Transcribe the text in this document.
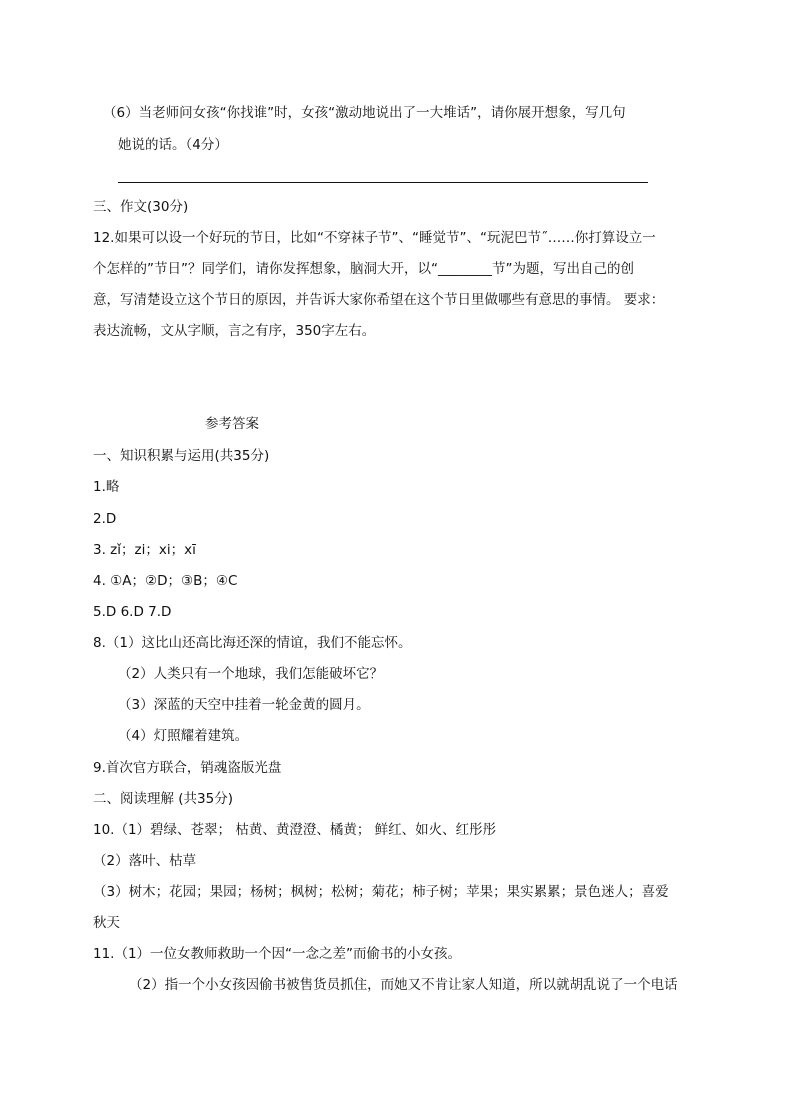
（6）当老师问女孩“你找谁”时，女孩“激动地说出了一大堆话”，请你展开想象，写几句
她说的话。（4分）
三、作文(30分)
12.如果可以设一个好玩的节日，比如“不穿袜子节”、“睡觉节”、“玩泥巴节˝……你打算设立一
个怎样的”节日”？同学们，请你发挥想象，脑洞大开，以“________节”为题，写出自己的创
意，写清楚设立这个节日的原因，并告诉大家你希望在这个节日里做哪些有意思的事情。 要求：
表达流畅，文从字顺，言之有序，350字左右。
参考答案
一、知识积累与运用(共35分)
1.略
2.D
3. zǐ；zi；xi；xī
4. ①A；②D；③B；④C
5.D 6.D 7.D
8.（1）这比山还高比海还深的情谊，我们不能忘怀。
（2）人类只有一个地球，我们怎能破坏它？
（3）深蓝的天空中挂着一轮金黄的圆月。
（4）灯照耀着建筑。
9.首次官方联合，销魂盗版光盘
二、阅读理解 (共35分)
10.（1）碧绿、苍翠； 枯黄、黄澄澄、橘黄； 鲜红、如火、红彤彤
（2）落叶、枯草
（3）树木；花园；果园；杨树；枫树；松树；菊花；柿子树；苹果；果实累累；景色迷人；喜爱
秋天
11.（1）一位女教师救助一个因“一念之差”而偷书的小女孩。
（2）指一个小女孩因偷书被售货员抓住，而她又不肯让家人知道，所以就胡乱说了一个电话
